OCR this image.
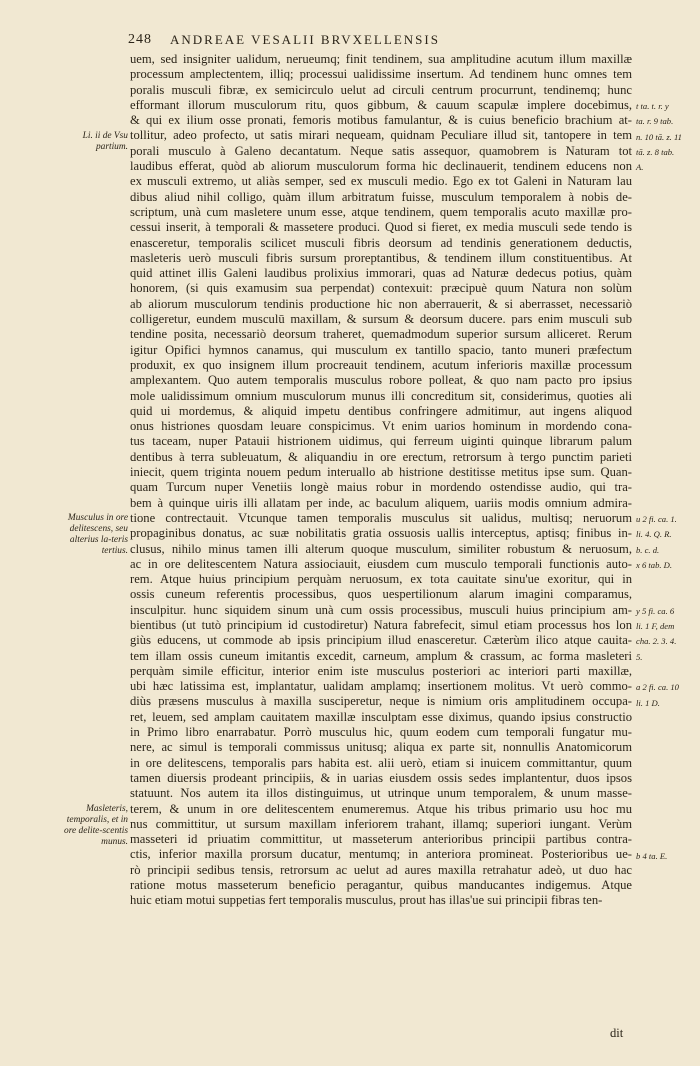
248 ANDREAE VESALII BRVXELLENSIS
uem, sed insigniter ualidum, neruеumq; finit tendinem, sua amplitudine acutum illum maxillæ
processum amplectentem, illiq; processui ualidissime insertum. Ad tendinem hunc omnes tem
poralis musculi fibræ, ex semicirculo uelut ad circuli centrum procurrunt, tendinemq; hunc
efformant illorum musculorum ritu, quos gibbum, & cauum scapulæ implere docebimus,
& qui ex ilium osse pronati, femoris motibus famulantur, & is cuius beneficio brachium at-
tollitur, adeo profecto, ut satis mirari nequeam, quidnam Peculiare illud sit, tantopere in tem
porali musculo à Galeno decantatum. Neque satis assequor, quamobrem is Naturam tot
laudibus efferat, quòd ab aliorum musculorum forma hic declinauerit, tendinem educens non
ex musculi extremo, ut aliàs semper, sed ex musculi medio. Ego ex tot Galeni in Naturam lau
dibus aliud nihil colligo, quàm illum arbitratum fuisse, musculum temporalem à nobis de-
scriptum, unà cum masletere unum esse, atque tendinem, quem temporalis acuto maxillæ pro-
cessui inserit, à temporali & massetere produci. Quod si fieret, ex media musculi sede tendo is
enasceretur, temporalis scilicet musculi fibris deorsum ad tendinis generationem deductis,
masleteris uerò musculi fibris sursum proreptantibus, & tendinem illum constituentibus. At
quid attinet illis Galeni laudibus prolixius immorari, quas ad Naturæ dedecus potius, quàm
honorem, (si quis examusim sua perpendat) contexuit: præcipuè quum Natura non solùm
ab aliorum musculorum tendinis productione hic non aberrauerit, & si aberrasset, necessariò
colligeretur, eundem musculū maxillam, & sursum & deorsum ducere. pars enim musculi sub
tendine posita, necessariò deorsum traheret, quemadmodum superior sursum alliceret. Rerum
igitur Opifici hymnos canamus, qui musculum ex tantillo spacio, tanto muneri præfectum
produxit, ex quo insignem illum procreauit tendinem, acutum inferioris maxillæ processum
amplexantem. Quo autem temporalis musculus robore polleat, & quo nam pacto pro ipsius
mole ualidissimum omnium musculorum munus illi concreditum sit, considerimus, quoties ali
quid ui mordemus, & aliquid impetu dentibus confringere admitimur, aut ingens aliquod
onus histriones quosdam leuare conspicimus. Vt enim uarios hominum in mordendo cona-
tus taceam, nuper Patauii histrionem uidimus, qui ferreum uiginti quinque librarum palum
dentibus à terra subleuatum, & aliquandiu in ore erectum, retrorsum à tergo punctim parieti
iniecit, quem triginta nouem pedum interuallo ab histrione destitisse metitus ipse sum. Quan-
quam Turcum nuper Venetiis longè maius robur in mordendo ostendisse audio, qui tra-
bem à quinque uiris illi allatam per inde, ac baculum aliquem, uariis modis omnium admira-
tione contrectauit. Vtcunque tamen temporalis musculus sit ualidus, multisq; neruorum
propaginibus donatus, ac suæ nobilitatis gratia ossuosis uallis interceptus, aptisq; finibus in-
clusus, nihilo minus tamen illi alterum quoque musculum, similiter robustum & neruosum,
ac in ore delitescentem Natura assiociauit, eiusdem cum musculo temporali functionis auto-
rem. Atque huius principium perquàm neruosum, ex tota cauitate sinu'ue exoritur, qui in
ossis cuneum referentis processibus, quos uespertilionum alarum imagini comparamus,
insculpitur. hunc siquidem sinum unà cum ossis processibus, musculi huius principium am-
bientibus (ut tutò principium id custodiretur) Natura fabrefecit, simul etiam processus hos lon
giùs educens, ut commode ab ipsis principium illud enasceretur. Cæterùm ilico atque cauita-
tem illam ossis cuneum imitantis excedit, carneum, amplum & crassum, ac forma masleteri
perquàm simile efficitur, interior enim iste musculus posteriori ac interiori parti maxillæ,
ubi hæc latissima est, implantatur, ualidam amplamq; insertionem molitus. Vt uerò commo-
diùs præsens musculus à maxilla susciperetur, neque is nimium oris amplitudinem occupa-
ret, leuem, sed amplam cauitatem maxillæ insculptam esse diximus, quando ipsius constructio
in Primo libro enarrabatur. Porrò musculus hic, quum eodem cum temporali fungatur mu-
nere, ac simul is temporali commissus unitusq; aliqua ex parte sit, nonnullis Anatomicorum
in ore delitescens, temporalis pars habita est. alii uerò, etiam si inuicem committantur, quum
tamen diuersis prodeant principiis, & in uarias eiusdem ossis sedes implantentur, duos ipsos
statuunt. Nos autem ita illos distinguimus, ut utrinque unum temporalem, & unum masse-
terem, & unum in ore delitescentem enumeremus. Atque his tribus primario usu hoc mu
nus committitur, ut sursum maxillam inferiorem trahant, illamq; superiori iungant. Verùm
masseteri id priuatim committitur, ut masseterum anterioribus principii partibus contra-
ctis, inferior maxilla prorsum ducatur, mentumq; in anteriora promineat. Posterioribus ue-
rò principii sedibus tensis, retrorsum ac uelut ad aures maxilla retrahatur adeò, ut duo hac
ratione motus masseterum beneficio peragantur, quibus manducantes indigemus. Atque
huic etiam motui suppetias fert temporalis musculus, prout has illas'ue sui principii fibras ten-
Li. ii de Vsu partium.
Musculus in ore delitescens, seu alterius la-teris tertius.
Masleteris, temporalis, et in ore delite-scentis munus.
t ta. t. r. y
ta. r. 9 tab.
n. 10 tā. z. 11
tā. z. 8 tab.
A.
u 2 fi. ca. 1.
li. 4. Q. R.
b. c. d.
x 6 tab. D.
y 5 fi. ca. 6
li. 1 F, dem
cha. 2. 3. 4.
5.
a 2 fi. ca. 10
li. 1 D.
b 4 ta. E.
dit
